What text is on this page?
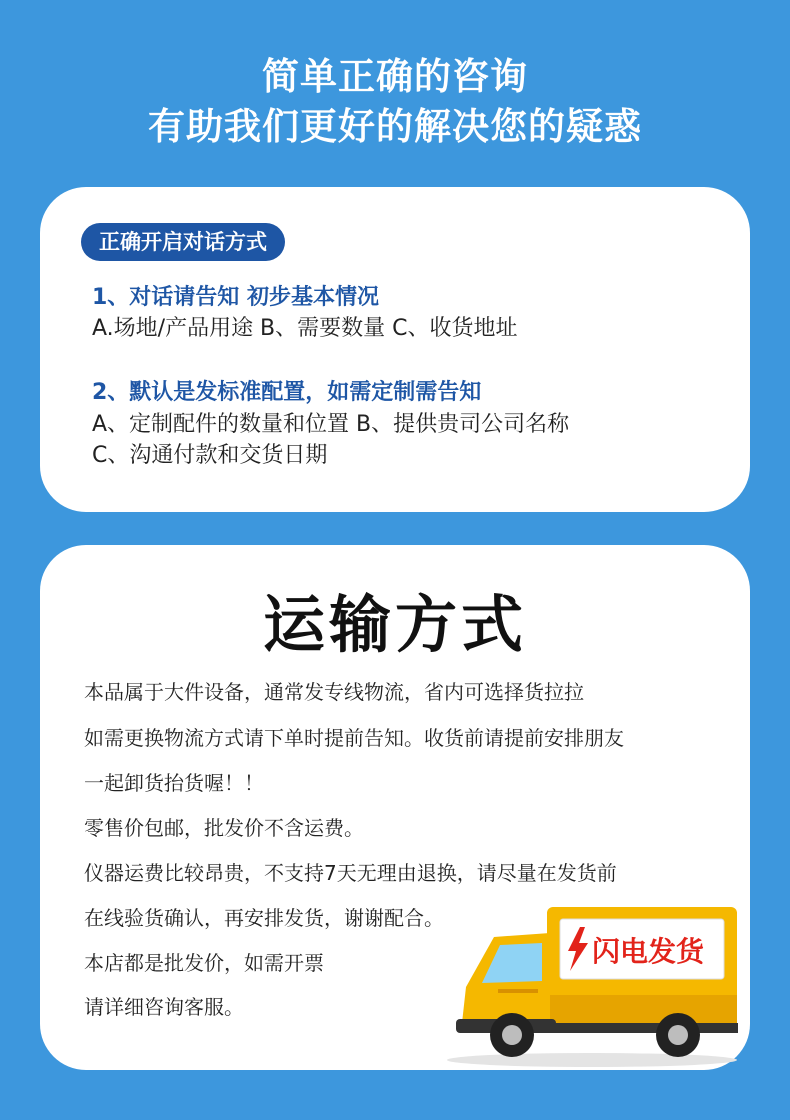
简单正确的咨询
有助我们更好的解决您的疑惑
正确开启对话方式
1、对话请告知 初步基本情况
A.场地/产品用途 B、需要数量 C、收货地址
2、默认是发标准配置，如需定制需告知
A、定制配件的数量和位置 B、提供贵司公司名称
C、沟通付款和交货日期
运输方式
本品属于大件设备，通常发专线物流，省内可选择货拉拉
如需更换物流方式请下单时提前告知。收货前请提前安排朋友
一起卸货抬货喔！！
零售价包邮，批发价不含运费。
仪器运费比较昂贵，不支持7天无理由退换，请尽量在发货前
在线验货确认，再安排发货，谢谢配合。
本店都是批发价，如需开票
请详细咨询客服。
闪电发货
